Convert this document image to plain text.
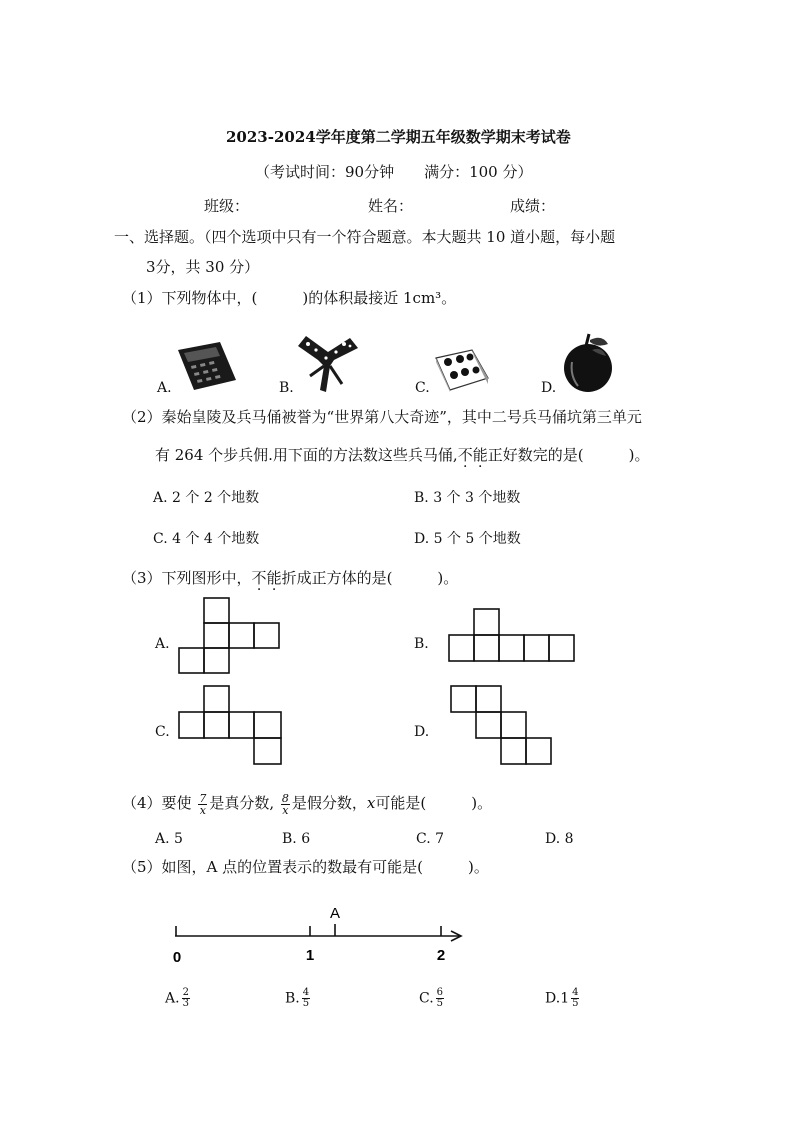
2023-2024学年度第二学期五年级数学期末考试卷
（考试时间：90分钟　　满分：100 分）
班级：	姓名：	成绩：
一、选择题。（四个选项中只有一个符合题意。本大题共 10 道小题，每小题
3分，共 30 分）
（1）下列物体中，(　　　)的体积最接近 1cm³。
A.	B.	C.	D.
（2）秦始皇陵及兵马俑被誉为“世界第八大奇迹”，其中二号兵马俑坑第三单元
有 264 个步兵佣.用下面的方法数这些兵马俑,不能正好数完的是(　　　)。
A. 2 个 2 个地数	B. 3 个 3 个地数
C. 4 个 4 个地数	D. 5 个 5 个地数
（3）下列图形中，不能折成正方体的是(　　　)。
A.	B.
C.	D.
（4）要使 $\frac{7}{x}$ 是真分数, $\frac{8}{x}$ 是假分数，x可能是(　　　)。
A. 5	B. 6	C. 7	D. 8
（5）如图，A 点的位置表示的数最有可能是(　　　)。
A
0	1	2
A. $\frac{2}{3}$	B. $\frac{4}{5}$	C. $\frac{6}{5}$	$D.1 \frac{4}{5}$
